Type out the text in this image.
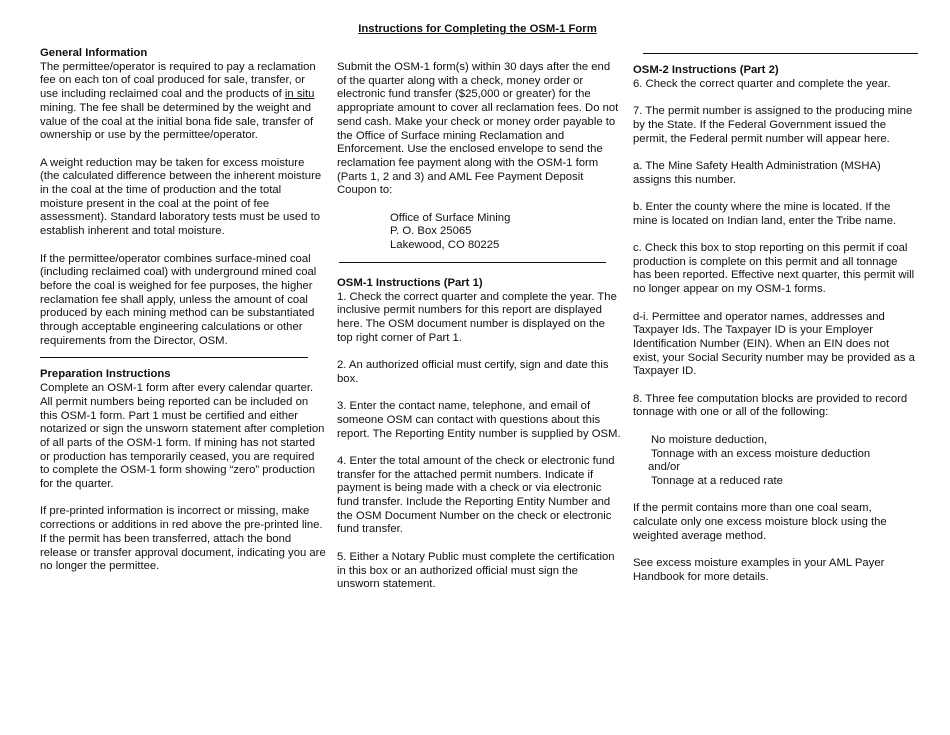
Instructions for Completing the OSM-1 Form
General Information

The permittee/operator is required to pay a reclamation fee on each ton of coal produced for sale, transfer, or use including reclaimed coal and the products of in situ mining. The fee shall be determined by the weight and value of the coal at the initial bona fide sale, transfer of ownership or use by the permittee/operator.

A weight reduction may be taken for excess moisture (the calculated difference between the inherent moisture in the coal at the time of production and the total moisture present in the coal at the point of fee assessment). Standard laboratory tests must be used to establish inherent and total moisture.

If the permittee/operator combines surface-mined coal (including reclaimed coal) with underground mined coal before the coal is weighed for fee purposes, the higher reclamation fee shall apply, unless the amount of coal produced by each mining method can be substantiated through acceptable engineering calculations or other requirements from the Director, OSM.

Preparation Instructions

Complete an OSM-1 form after every calendar quarter. All permit numbers being reported can be included on this OSM-1 form. Part 1 must be certified and either notarized or sign the unsworn statement after completion of all parts of the OSM-1 form. If mining has not started or production has temporarily ceased, you are required to complete the OSM-1 form showing “zero” production for the quarter.

If pre-printed information is incorrect or missing, make corrections or additions in red above the pre-printed line. If the permit has been transferred, attach the bond release or transfer approval document, indicating you are no longer the permittee.

Submit the OSM-1 form(s) within 30 days after the end of the quarter along with a check, money order or electronic fund transfer ($25,000 or greater) for the appropriate amount to cover all reclamation fees. Do not send cash. Make your check or money order payable to the Office of Surface mining Reclamation and Enforcement. Use the enclosed envelope to send the reclamation fee payment along with the OSM-1 form (Parts 1, 2 and 3) and AML Fee Payment Deposit Coupon to:

Office of Surface Mining
P. O. Box 25065
Lakewood, CO 80225
OSM-1 Instructions (Part 1)

1. Check the correct quarter and complete the year. The inclusive permit numbers for this report are displayed here. The OSM document number is displayed on the top right corner of Part 1.

2. An authorized official must certify, sign and date this box.

3. Enter the contact name, telephone, and email of someone OSM can contact with questions about this report. The Reporting Entity number is supplied by OSM.

4. Enter the total amount of the check or electronic fund transfer for the attached permit numbers. Indicate if payment is being made with a check or via electronic fund transfer. Include the Reporting Entity Number and the OSM Document Number on the check or electronic fund transfer.

5. Either a Notary Public must complete the certification in this box or an authorized official must sign the unsworn statement.

OSM-2 Instructions (Part 2)

6. Check the correct quarter and complete the year.

7. The permit number is assigned to the producing mine by the State. If the Federal Government issued the permit, the Federal permit number will appear here.

a. The Mine Safety Health Administration (MSHA) assigns this number.

b. Enter the county where the mine is located. If the mine is located on Indian land, enter the Tribe name.

c. Check this box to stop reporting on this permit if coal production is complete on this permit and all tonnage has been reported. Effective next quarter, this permit will no longer appear on my OSM-1 forms.

d-i. Permittee and operator names, addresses and Taxpayer Ids. The Taxpayer ID is your Employer Identification Number (EIN). When an EIN does not exist, your Social Security number may be provided as a Taxpayer ID.

8. Three fee computation blocks are provided to record tonnage with one or all of the following:

No moisture deduction,
Tonnage with an excess moisture deduction
and/or
Tonnage at a reduced rate

If the permit contains more than one coal seam, calculate only one excess moisture block using the weighted average method.

See excess moisture examples in your AML Payer Handbook for more details.
